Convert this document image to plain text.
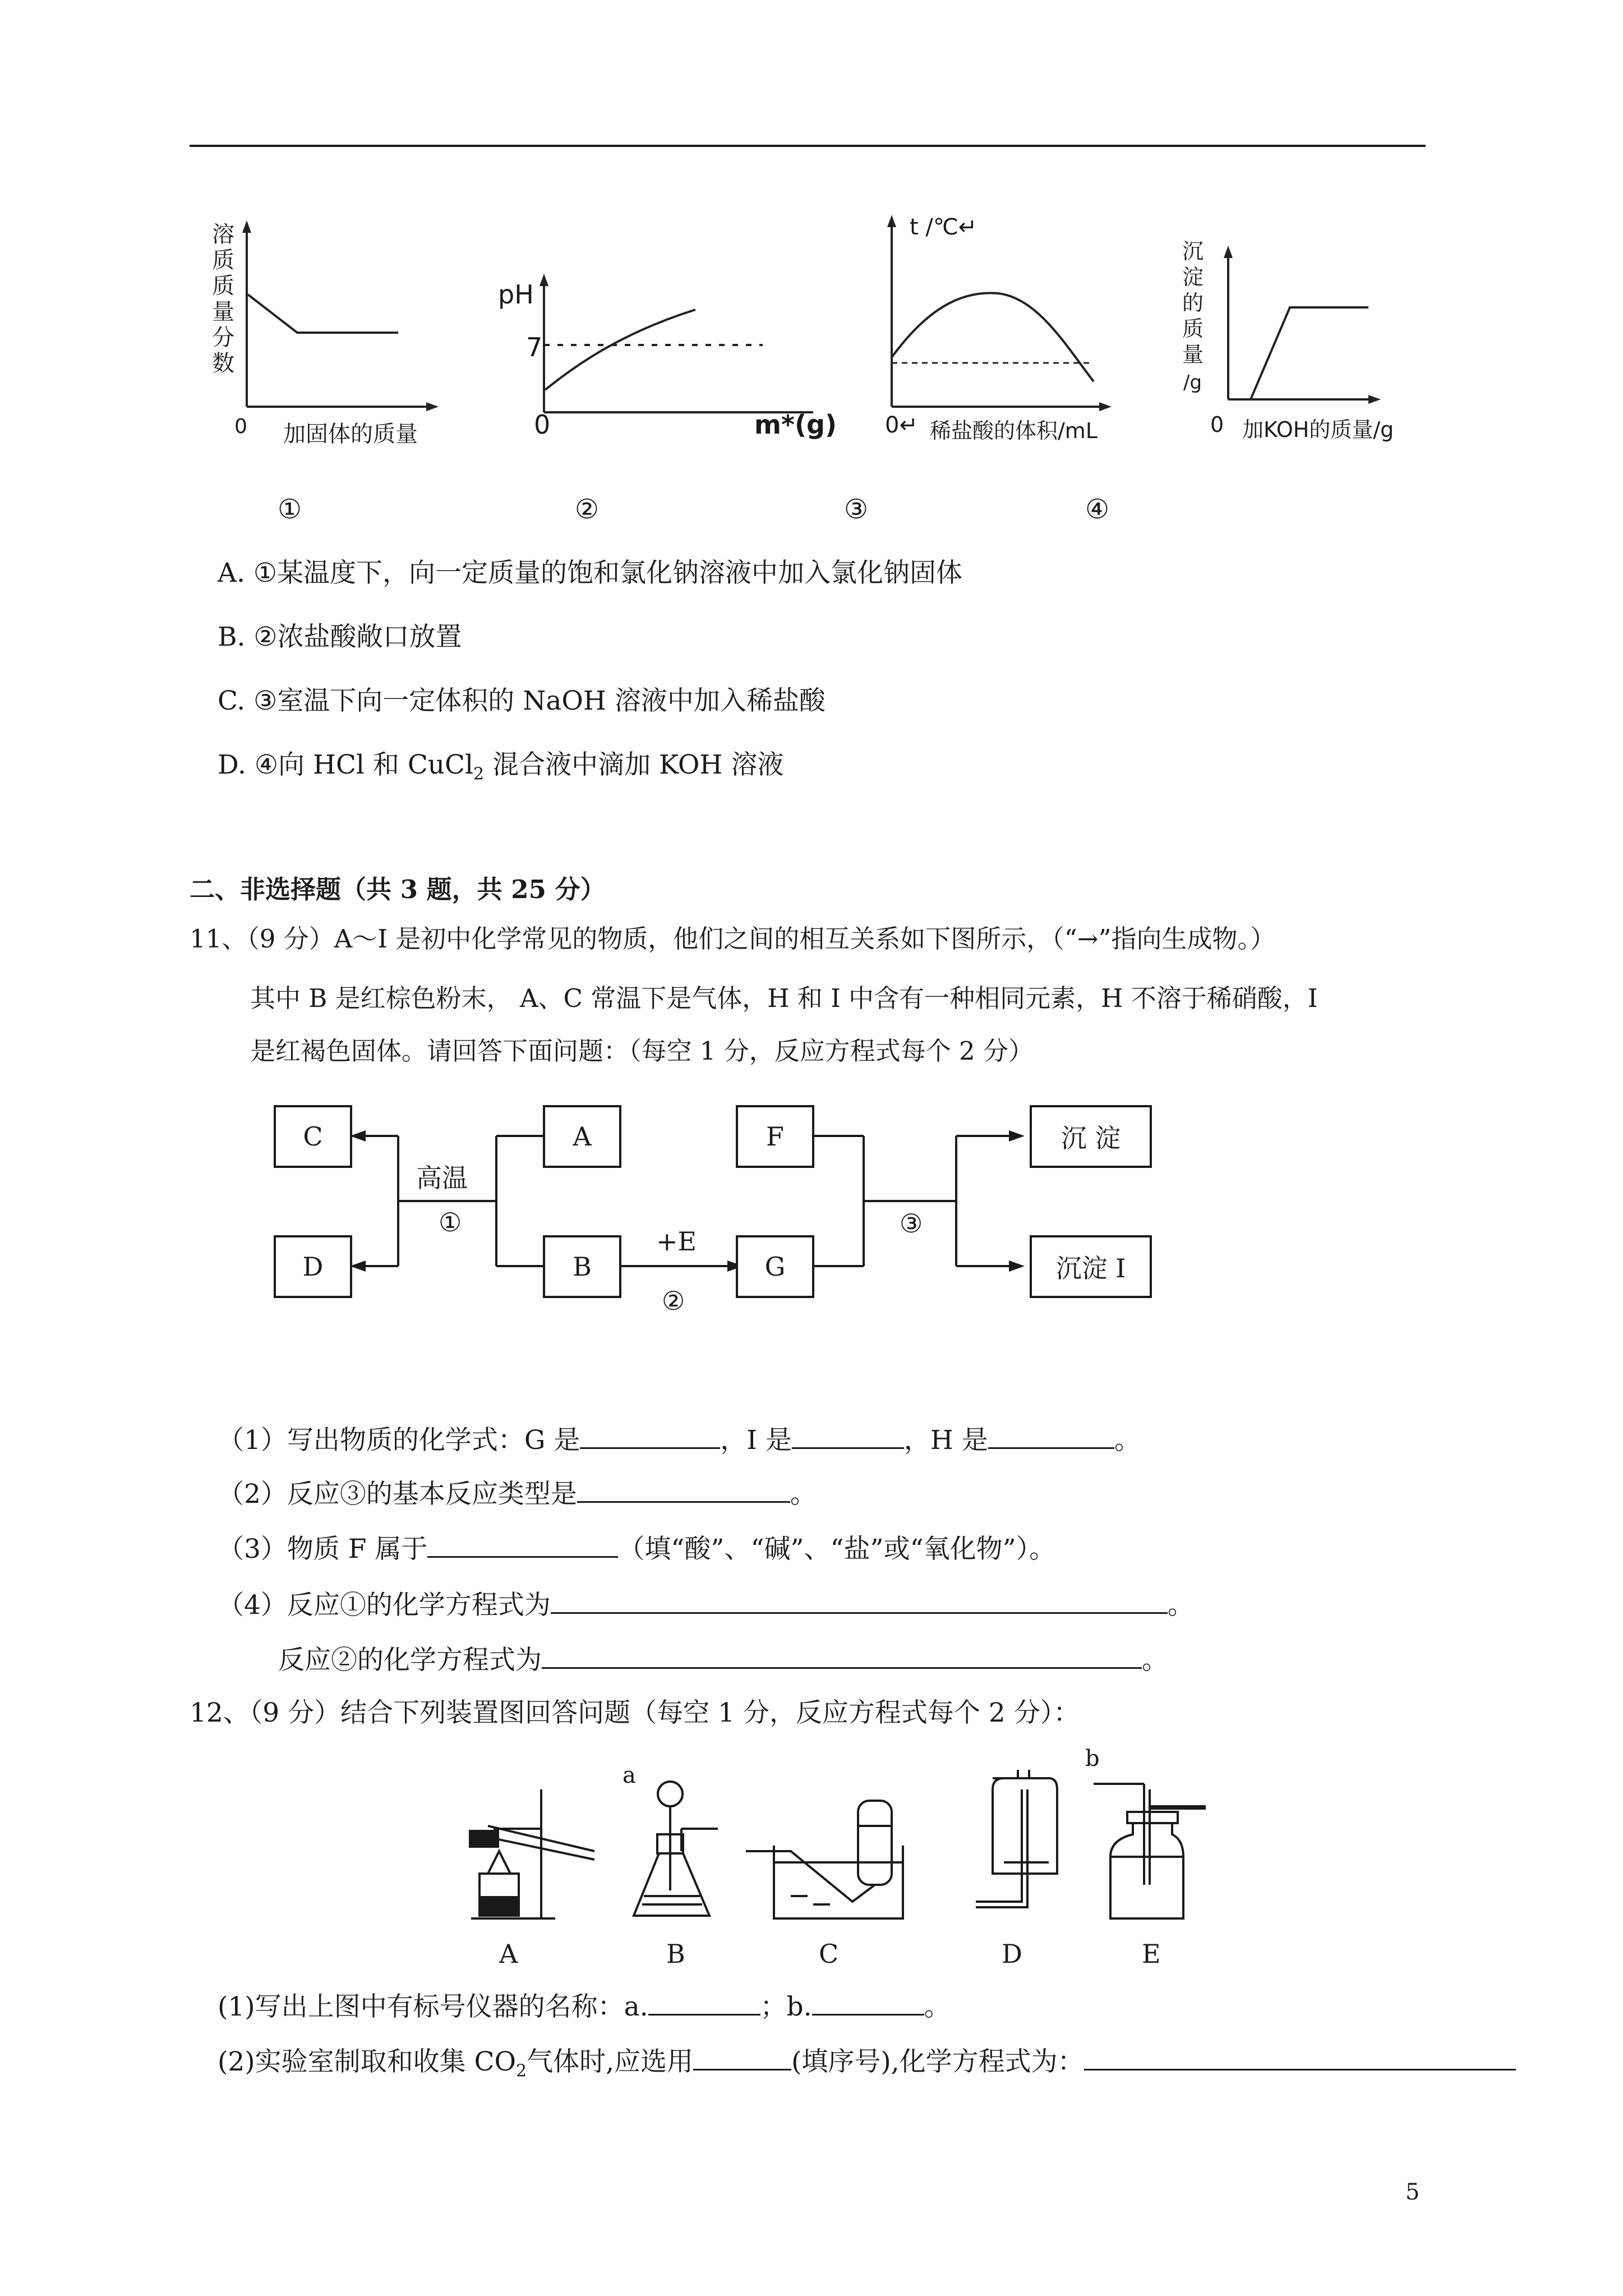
溶质质量分数
0 加固体的质量
pH
7
0	m*(g)
t /℃↵
0↵ 稀盐酸的体积/mL
沉
淀
的
质
量
/g
0 加KOH的质量/g
①	②	③	④
A. ①某温度下，向一定质量的饱和氯化钠溶液中加入氯化钠固体
B. ②浓盐酸敞口放置
C. ③室温下向一定体积的 NaOH 溶液中加入稀盐酸
D. ④向 HCl 和 CuCl$_2$ 混合液中滴加 KOH 溶液
二、非选择题（共 3 题，共 25 分）
11、（9 分）A～I 是初中化学常见的物质，他们之间的相互关系如下图所示，（“→”指向生成物。）
其中 B 是红棕色粉末， A、C 常温下是气体，H 和 I 中含有一种相同元素，H 不溶于稀硝酸，I
是红褐色固体。请回答下面问题：（每空 1 分，反应方程式每个 2 分）
C
D
A
B
F
G
沉 淀
沉淀 I
高温
①
+E
②
③
（1）写出物质的化学式：G 是	，I 是	，H 是	。
（2）反应③的基本反应类型是	。
（3）物质 F 属于	（填“酸”、“碱”、“盐”或“氧化物”）。
（4）反应①的化学方程式为	。
反应②的化学方程式为	。
12、（9 分）结合下列装置图回答问题（每空 1 分，反应方程式每个 2 分）：
a
b
A	B	C	D	E
(1)写出上图中有标号仪器的名称：a.	；b.	。
(2)实验室制取和收集 $CO_2$气体时,应选用	(填序号),化学方程式为：
5
